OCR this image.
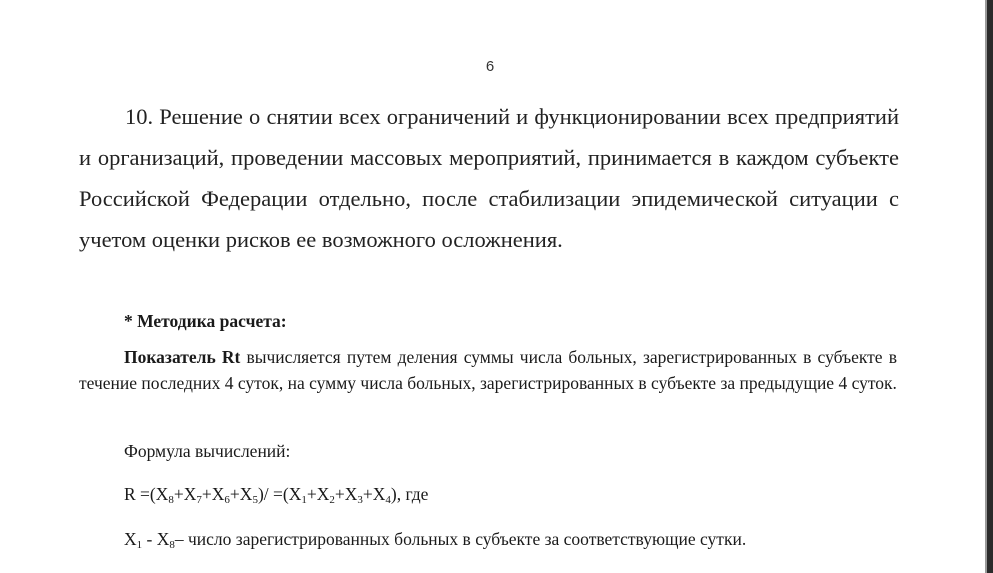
6

10. Решение о снятии всех ограничений и функционировании всех предприятий и организаций, проведении массовых мероприятий, принимается в каждом субъекте Российской Федерации отдельно, после стабилизации эпидемической ситуации с учетом оценки рисков ее возможного осложнения.

* Методика расчета:

Показатель Rt вычисляется путем деления суммы числа больных, зарегистрированных в субъекте в течение последних 4 суток, на сумму числа больных, зарегистрированных в субъекте за предыдущие 4 суток.

Формула вычислений:

$R =(X_8+X_7+X_6+X_5)/ =(X_1+X_2+X_3+X_4)$, где

$X_1 - X_8-$ число зарегистрированных больных в субъекте за соответствующие сутки.
